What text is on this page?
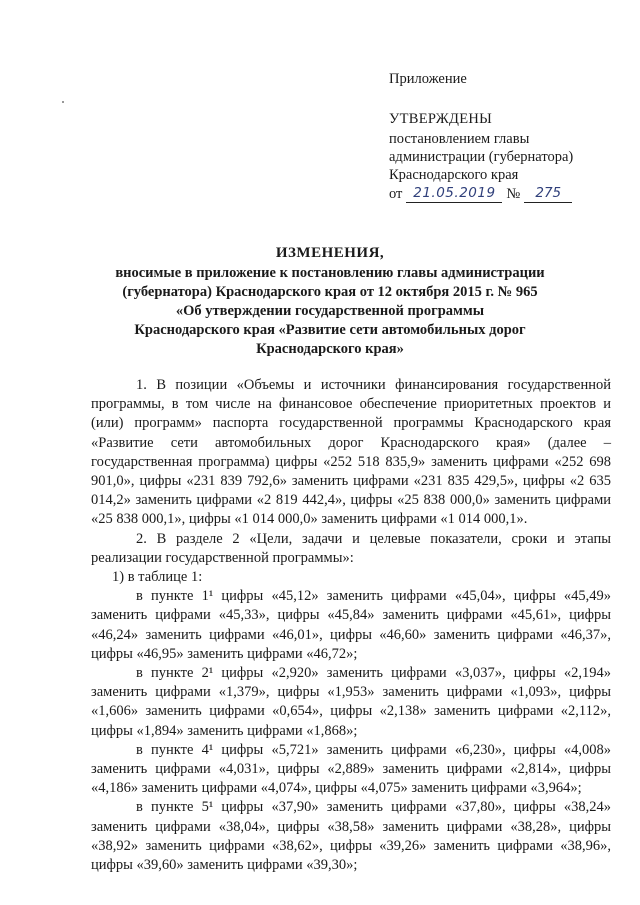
Приложение
УТВЕРЖДЕНЫ
постановлением главы
администрации (губернатора)
Краснодарского края
от 21.05.2019 №	275
ИЗМЕНЕНИЯ,
вносимые в приложение к постановлению главы администрации
(губернатора) Краснодарского края от 12 октября 2015 г. № 965
«Об утверждении государственной программы
Краснодарского края «Развитие сети автомобильных дорог
Краснодарского края»

1. В позиции «Объемы и источники финансирования государственной программы, в том числе на финансовое обеспечение приоритетных проектов и (или) программ» паспорта государственной программы Краснодарского края «Развитие сети автомобильных дорог Краснодарского края» (далее – государственная программа) цифры «252 518 835,9» заменить цифрами «252 698 901,0», цифры «231 839 792,6» заменить цифрами «231 835 429,5», цифры «2 635 014,2» заменить цифрами «2 819 442,4», цифры «25 838 000,0» заменить цифрами «25 838 000,1», цифры «1 014 000,0» заменить цифрами «1 014 000,1».

2. В разделе 2 «Цели, задачи и целевые показатели, сроки и этапы реализации государственной программы»:

1) в таблице 1:

в пункте 1¹ цифры «45,12» заменить цифрами «45,04», цифры «45,49» заменить цифрами «45,33», цифры «45,84» заменить цифрами «45,61», цифры «46,24» заменить цифрами «46,01», цифры «46,60» заменить цифрами «46,37», цифры «46,95» заменить цифрами «46,72»;

в пункте 2¹ цифры «2,920» заменить цифрами «3,037», цифры «2,194» заменить цифрами «1,379», цифры «1,953» заменить цифрами «1,093», цифры «1,606» заменить цифрами «0,654», цифры «2,138» заменить цифрами «2,112», цифры «1,894» заменить цифрами «1,868»;

в пункте 4¹ цифры «5,721» заменить цифрами «6,230», цифры «4,008» заменить цифрами «4,031», цифры «2,889» заменить цифрами «2,814», цифры «4,186» заменить цифрами «4,074», цифры «4,075» заменить цифрами «3,964»;

в пункте 5¹ цифры «37,90» заменить цифрами «37,80», цифры «38,24» заменить цифрами «38,04», цифры «38,58» заменить цифрами «38,28», цифры «38,92» заменить цифрами «38,62», цифры «39,26» заменить цифрами «38,96», цифры «39,60» заменить цифрами «39,30»;
